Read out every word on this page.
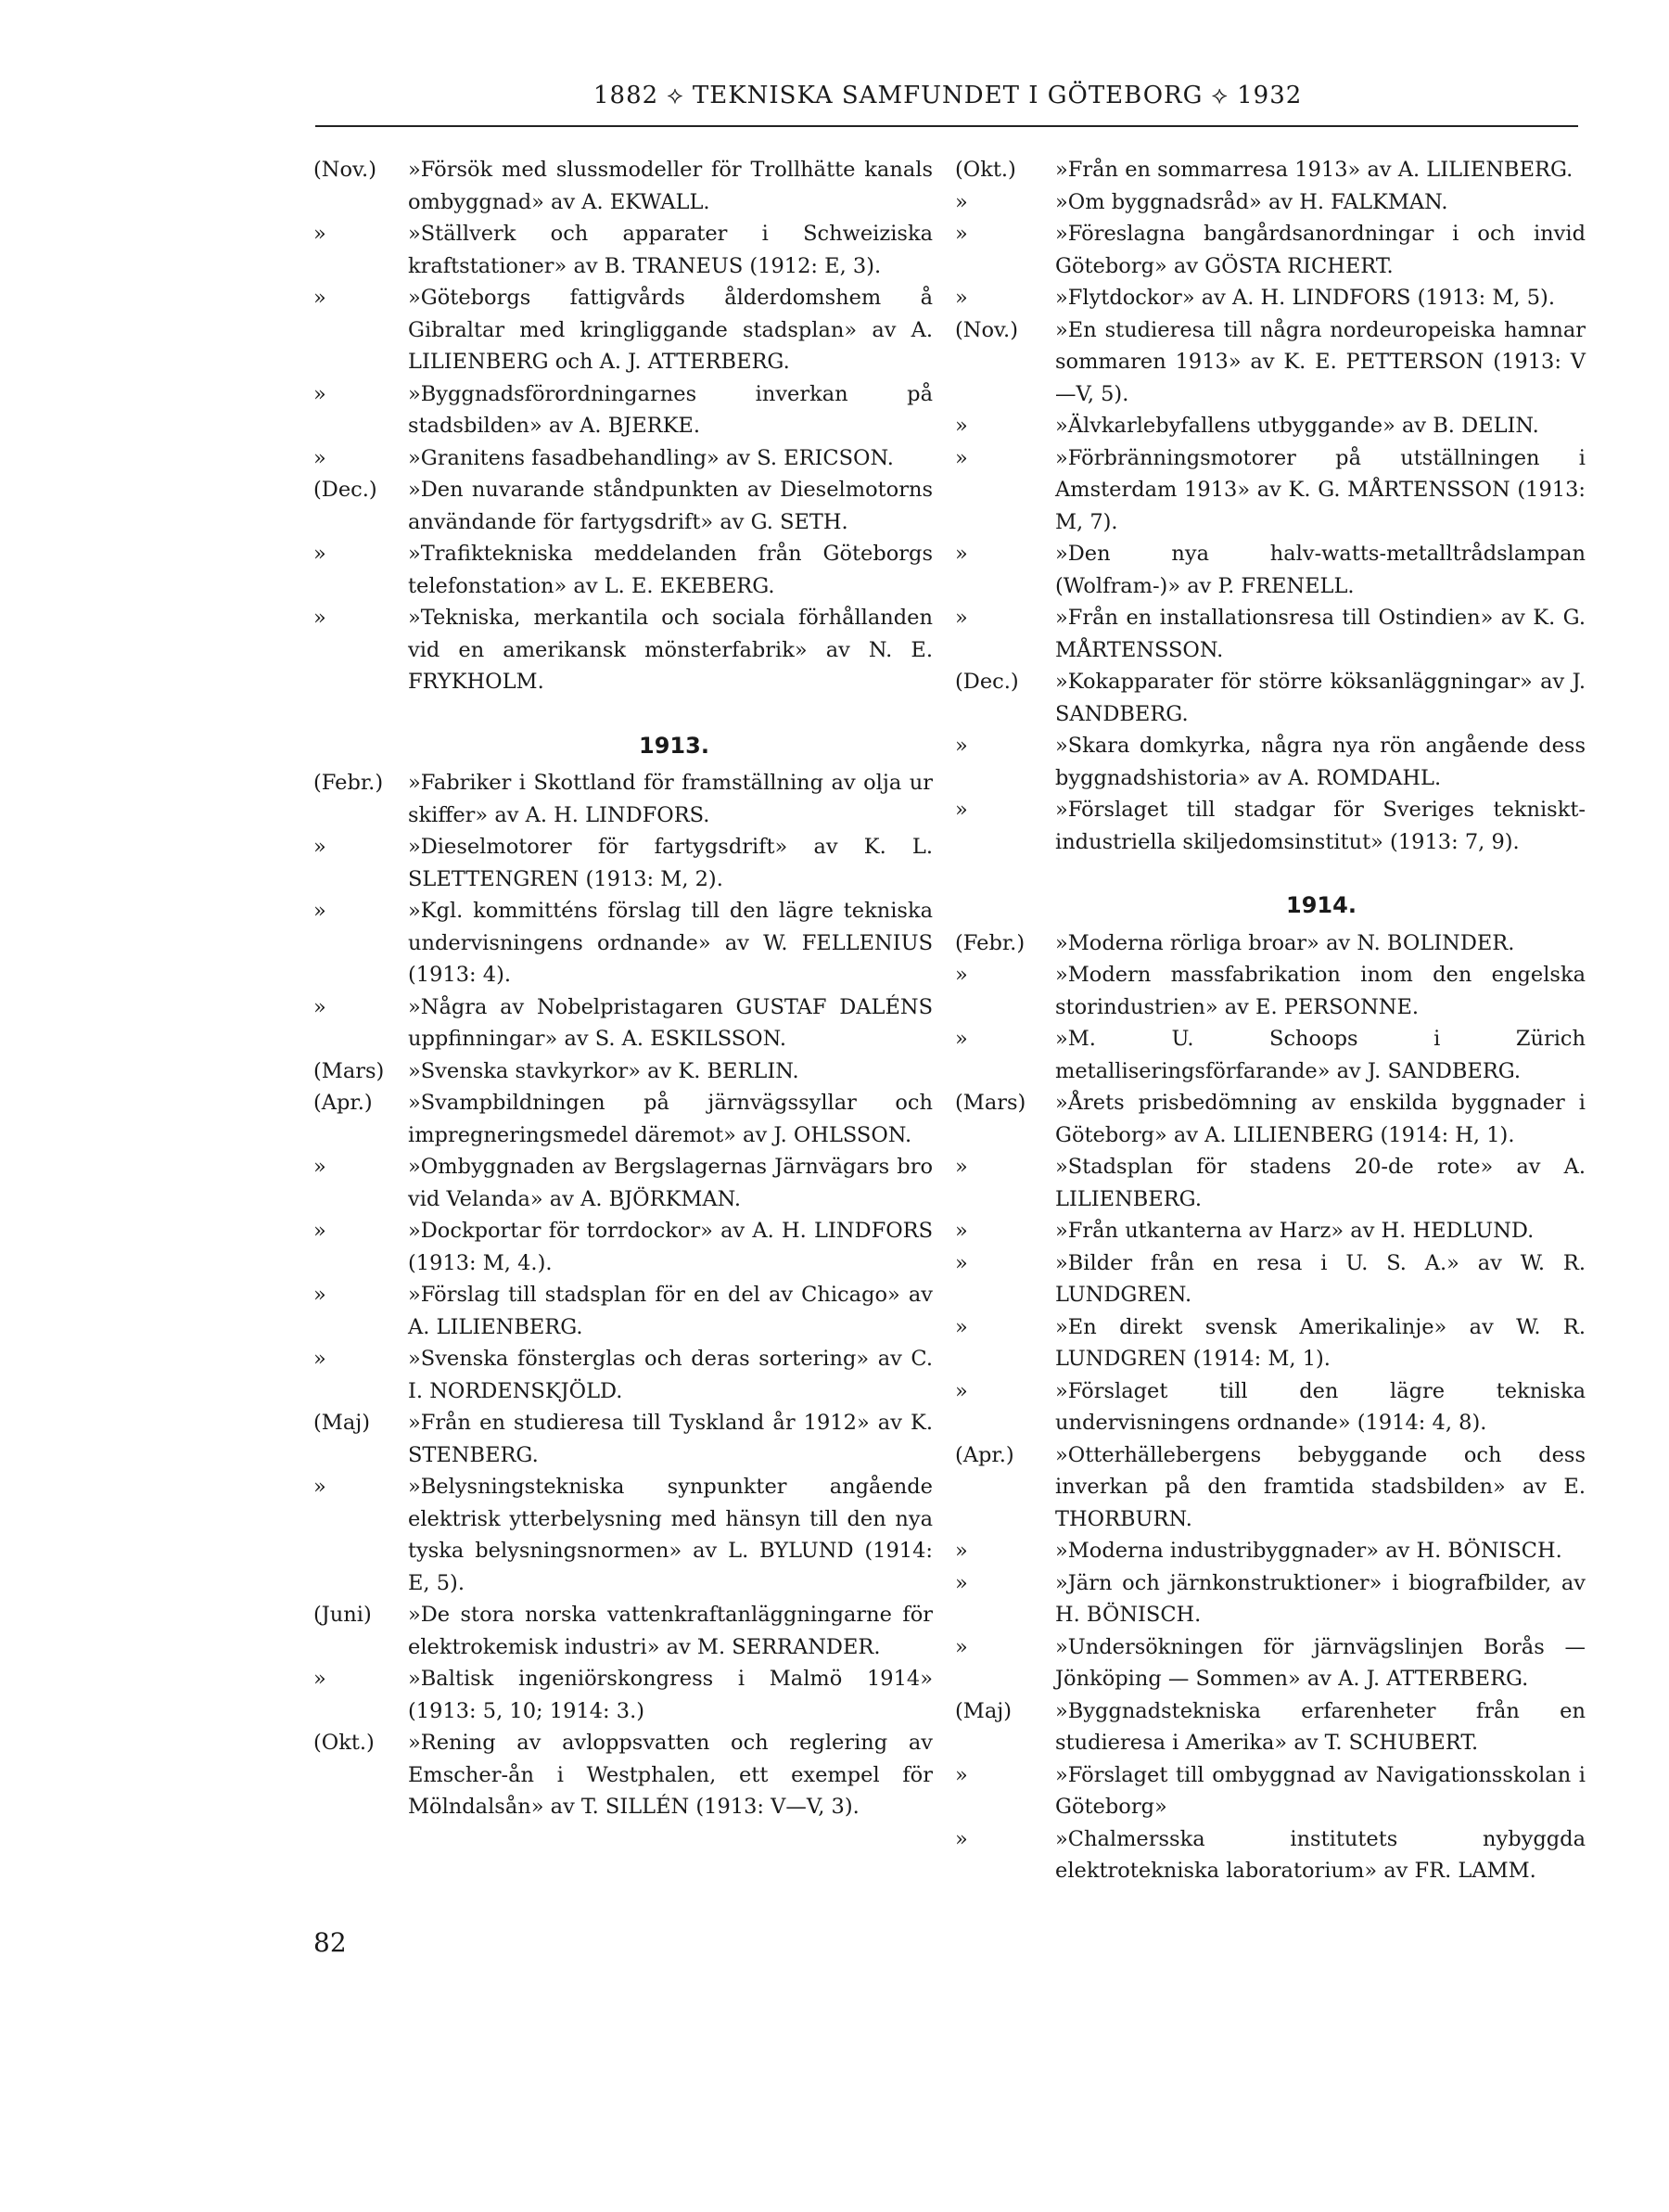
1882 ⟡ TEKNISKA SAMFUNDET I GÖTEBORG ⟡ 1932
(Nov.)	»Försök med slussmodeller för Trollhätte kanals ombyggnad» av A. EKWALL.
»	»Ställverk och apparater i Schweiziska kraftstationer» av B. TRANEUS (1912: E, 3).
»	»Göteborgs fattigvårds ålderdomshem å Gibraltar med kringliggande stadsplan» av A. LILIENBERG och A. J. ATTERBERG.
»	»Byggnadsförordningarnes inverkan på stadsbilden» av A. BJERKE.
»	»Granitens fasadbehandling» av S. ERICSON.
(Dec.)	»Den nuvarande ståndpunkten av Dieselmotorns användande för fartygsdrift» av G. SETH.
»	»Trafiktekniska meddelanden från Göteborgs telefonstation» av L. E. EKEBERG.
»	»Tekniska, merkantila och sociala förhållanden vid en amerikansk mönsterfabrik» av N. E. FRYKHOLM.
1913.
(Febr.)	»Fabriker i Skottland för framställning av olja ur skiffer» av A. H. LINDFORS.
»	»Dieselmotorer för fartygsdrift» av K. L. SLETTENGREN (1913: M, 2).
»	»Kgl. kommitténs förslag till den lägre tekniska undervisningens ordnande» av W. FELLENIUS (1913: 4).
»	»Några av Nobelpristagaren GUSTAF DALÉNS uppfinningar» av S. A. ESKILSSON.
(Mars)	»Svenska stavkyrkor» av K. BERLIN.
(Apr.)	»Svampbildningen på järnvägssyllar och impregneringsmedel däremot» av J. OHLSSON.
»	»Ombyggnaden av Bergslagernas Järnvägars bro vid Velanda» av A. BJÖRKMAN.
»	»Dockportar för torrdockor» av A. H. LINDFORS (1913: M, 4.).
»	»Förslag till stadsplan för en del av Chicago» av A. LILIENBERG.
»	»Svenska fönsterglas och deras sortering» av C. I. NORDENSKJÖLD.
(Maj)	»Från en studieresa till Tyskland år 1912» av K. STENBERG.
»	»Belysningstekniska synpunkter angående elektrisk ytterbelysning med hänsyn till den nya tyska belysningsnormen» av L. BYLUND (1914: E, 5).
(Juni)	»De stora norska vattenkraftanläggningarne för elektrokemisk industri» av M. SERRANDER.
»	»Baltisk ingeniörskongress i Malmö 1914» (1913: 5, 10; 1914: 3.)
(Okt.)	»Rening av avloppsvatten och reglering av Emscher-ån i Westphalen, ett exempel för Mölndalsån» av T. SILLÉN (1913: V—V, 3).
(Okt.)	»Från en sommarresa 1913» av A. LILIENBERG.
»	»Om byggnadsråd» av H. FALKMAN.
»	»Föreslagna bangårdsanordningar i och invid Göteborg» av GÖSTA RICHERT.
»	»Flytdockor» av A. H. LINDFORS (1913: M, 5).
(Nov.)	»En studieresa till några nordeuropeiska hamnar sommaren 1913» av K. E. PETTERSON (1913: V—V, 5).
»	»Älvkarlebyfallens utbyggande» av B. DELIN.
»	»Förbränningsmotorer på utställningen i Amsterdam 1913» av K. G. MÅRTENSSON (1913: M, 7).
»	»Den nya halv-watts-metalltrådslampan (Wolfram-)» av P. FRENELL.
»	»Från en installationsresa till Ostindien» av K. G. MÅRTENSSON.
(Dec.)	»Kokapparater för större köksanläggningar» av J. SANDBERG.
»	»Skara domkyrka, några nya rön angående dess byggnadshistoria» av A. ROMDAHL.
»	»Förslaget till stadgar för Sveriges tekniskt-industriella skiljedomsinstitut» (1913: 7, 9).
1914.
(Febr.)	»Moderna rörliga broar» av N. BOLINDER.
»	»Modern massfabrikation inom den engelska storindustrien» av E. PERSONNE.
»	»M. U. Schoops i Zürich metalliseringsförfarande» av J. SANDBERG.
(Mars)	»Årets prisbedömning av enskilda byggnader i Göteborg» av A. LILIENBERG (1914: H, 1).
»	»Stadsplan för stadens 20-de rote» av A. LILIENBERG.
»	»Från utkanterna av Harz» av H. HEDLUND.
»	»Bilder från en resa i U. S. A.» av W. R. LUNDGREN.
»	»En direkt svensk Amerikalinje» av W. R. LUNDGREN (1914: M, 1).
»	»Förslaget till den lägre tekniska undervisningens ordnande» (1914: 4, 8).
(Apr.)	»Otterhällebergens bebyggande och dess inverkan på den framtida stadsbilden» av E. THORBURN.
»	»Moderna industribyggnader» av H. BÖNISCH.
»	»Järn och järnkonstruktioner» i biografbilder, av H. BÖNISCH.
»	»Undersökningen för järnvägslinjen Borås — Jönköping — Sommen» av A. J. ATTERBERG.
(Maj)	»Byggnadstekniska erfarenheter från en studieresa i Amerika» av T. SCHUBERT.
»	»Förslaget till ombyggnad av Navigationsskolan i Göteborg»
»	»Chalmersska institutets nybyggda elektrotekniska laboratorium» av FR. LAMM.
82
